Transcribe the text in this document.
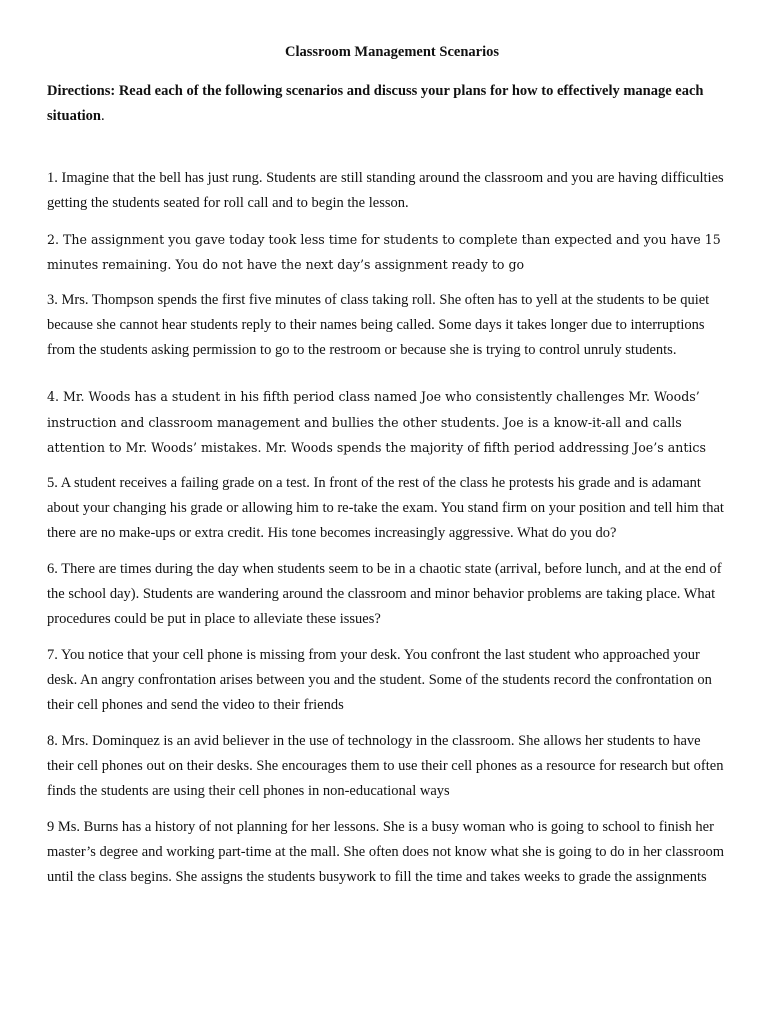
Classroom Management Scenarios

Directions: Read each of the following scenarios and discuss your plans for how to effectively manage each situation.

1. Imagine that the bell has just rung. Students are still standing around the classroom and you are having difficulties getting the students seated for roll call and to begin the lesson.

2. The assignment you gave today took less time for students to complete than expected and you have 15 minutes remaining. You do not have the next day’s assignment ready to go

3. Mrs. Thompson spends the first five minutes of class taking roll. She often has to yell at the students to be quiet because she cannot hear students reply to their names being called. Some days it takes longer due to interruptions from the students asking permission to go to the restroom or because she is trying to control unruly students.

4. Mr. Woods has a student in his fifth period class named Joe who consistently challenges Mr. Woods’ instruction and classroom management and bullies the other students. Joe is a know-it-all and calls attention to Mr. Woods’ mistakes. Mr. Woods spends the majority of fifth period addressing Joe’s antics

5. A student receives a failing grade on a test. In front of the rest of the class he protests his grade and is adamant about your changing his grade or allowing him to re-take the exam. You stand firm on your position and tell him that there are no make-ups or extra credit. His tone becomes increasingly aggressive. What do you do?

6. There are times during the day when students seem to be in a chaotic state (arrival, before lunch, and at the end of the school day). Students are wandering around the classroom and minor behavior problems are taking place. What procedures could be put in place to alleviate these issues?

7. You notice that your cell phone is missing from your desk. You confront the last student who approached your desk. An angry confrontation arises between you and the student. Some of the students record the confrontation on their cell phones and send the video to their friends

8. Mrs. Dominquez is an avid believer in the use of technology in the classroom. She allows her students to have their cell phones out on their desks. She encourages them to use their cell phones as a resource for research but often finds the students are using their cell phones in non-educational ways

9 Ms. Burns has a history of not planning for her lessons. She is a busy woman who is going to school to finish her master’s degree and working part-time at the mall. She often does not know what she is going to do in her classroom until the class begins. She assigns the students busywork to fill the time and takes weeks to grade the assignments
